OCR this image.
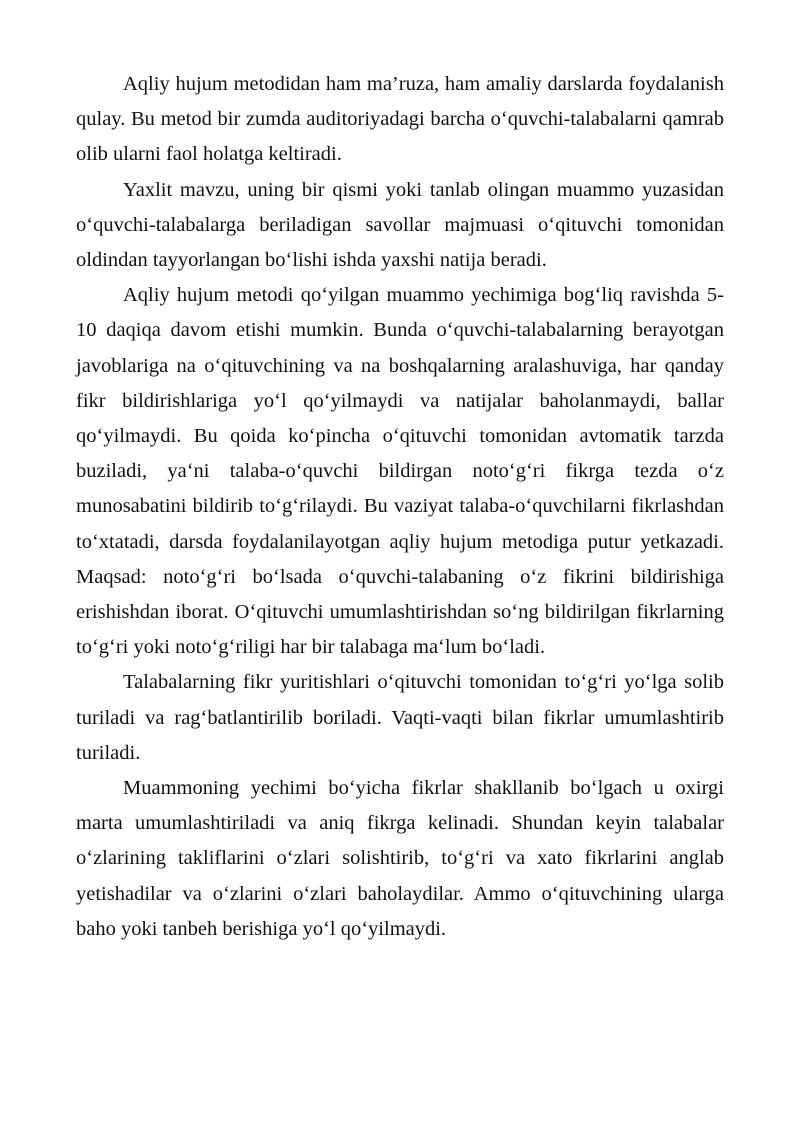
Aqliy hujum metodidan ham ma’ruza, ham amaliy darslarda foydalanish qulay. Bu metod bir zumda auditoriyadagi barcha o‘quvchi-talabalarni qamrab olib ularni faol holatga keltiradi.

Yaxlit mavzu, uning bir qismi yoki tanlab olingan muammo yuzasidan o‘quvchi-talabalarga beriladigan savollar majmuasi o‘qituvchi tomonidan oldindan tayyorlangan bo‘lishi ishda yaxshi natija beradi.

Aqliy hujum metodi qo‘yilgan muammo yechimiga bog‘liq ravishda 5-10 daqiqa davom etishi mumkin. Bunda o‘quvchi-talabalarning berayotgan javoblariga na o‘qituvchining va na boshqalarning aralashuviga, har qanday fikr bildirishlariga yo‘l qo‘yilmaydi va natijalar baholanmaydi, ballar qo‘yilmaydi. Bu qoida ko‘pincha o‘qituvchi tomonidan avtomatik tarzda buziladi, ya‘ni talaba-o‘quvchi bildirgan noto‘g‘ri fikrga tezda o‘z munosabatini bildirib to‘g‘rilaydi. Bu vaziyat talaba-o‘quvchilarni fikrlashdan to‘xtatadi, darsda foydalanilayotgan aqliy hujum metodiga putur yetkazadi. Maqsad: noto‘g‘ri bo‘lsada o‘quvchi-talabaning o‘z fikrini bildirishiga erishishdan iborat. O‘qituvchi umumlashtirishdan so‘ng bildirilgan fikrlarning to‘g‘ri yoki noto‘g‘riligi har bir talabaga ma‘lum bo‘ladi.

Talabalarning fikr yuritishlari o‘qituvchi tomonidan to‘g‘ri yo‘lga solib turiladi va rag‘batlantirilib boriladi. Vaqti-vaqti bilan fikrlar umumlashtirib turiladi.

Muammoning yechimi bo‘yicha fikrlar shakllanib bo‘lgach u oxirgi marta umumlashtiriladi va aniq fikrga kelinadi. Shundan keyin talabalar o‘zlarining takliflarini o‘zlari solishtirib, to‘g‘ri va xato fikrlarini anglab yetishadilar va o‘zlarini o‘zlari baholaydilar. Ammo o‘qituvchining ularga baho yoki tanbeh berishiga yo‘l qo‘yilmaydi.
